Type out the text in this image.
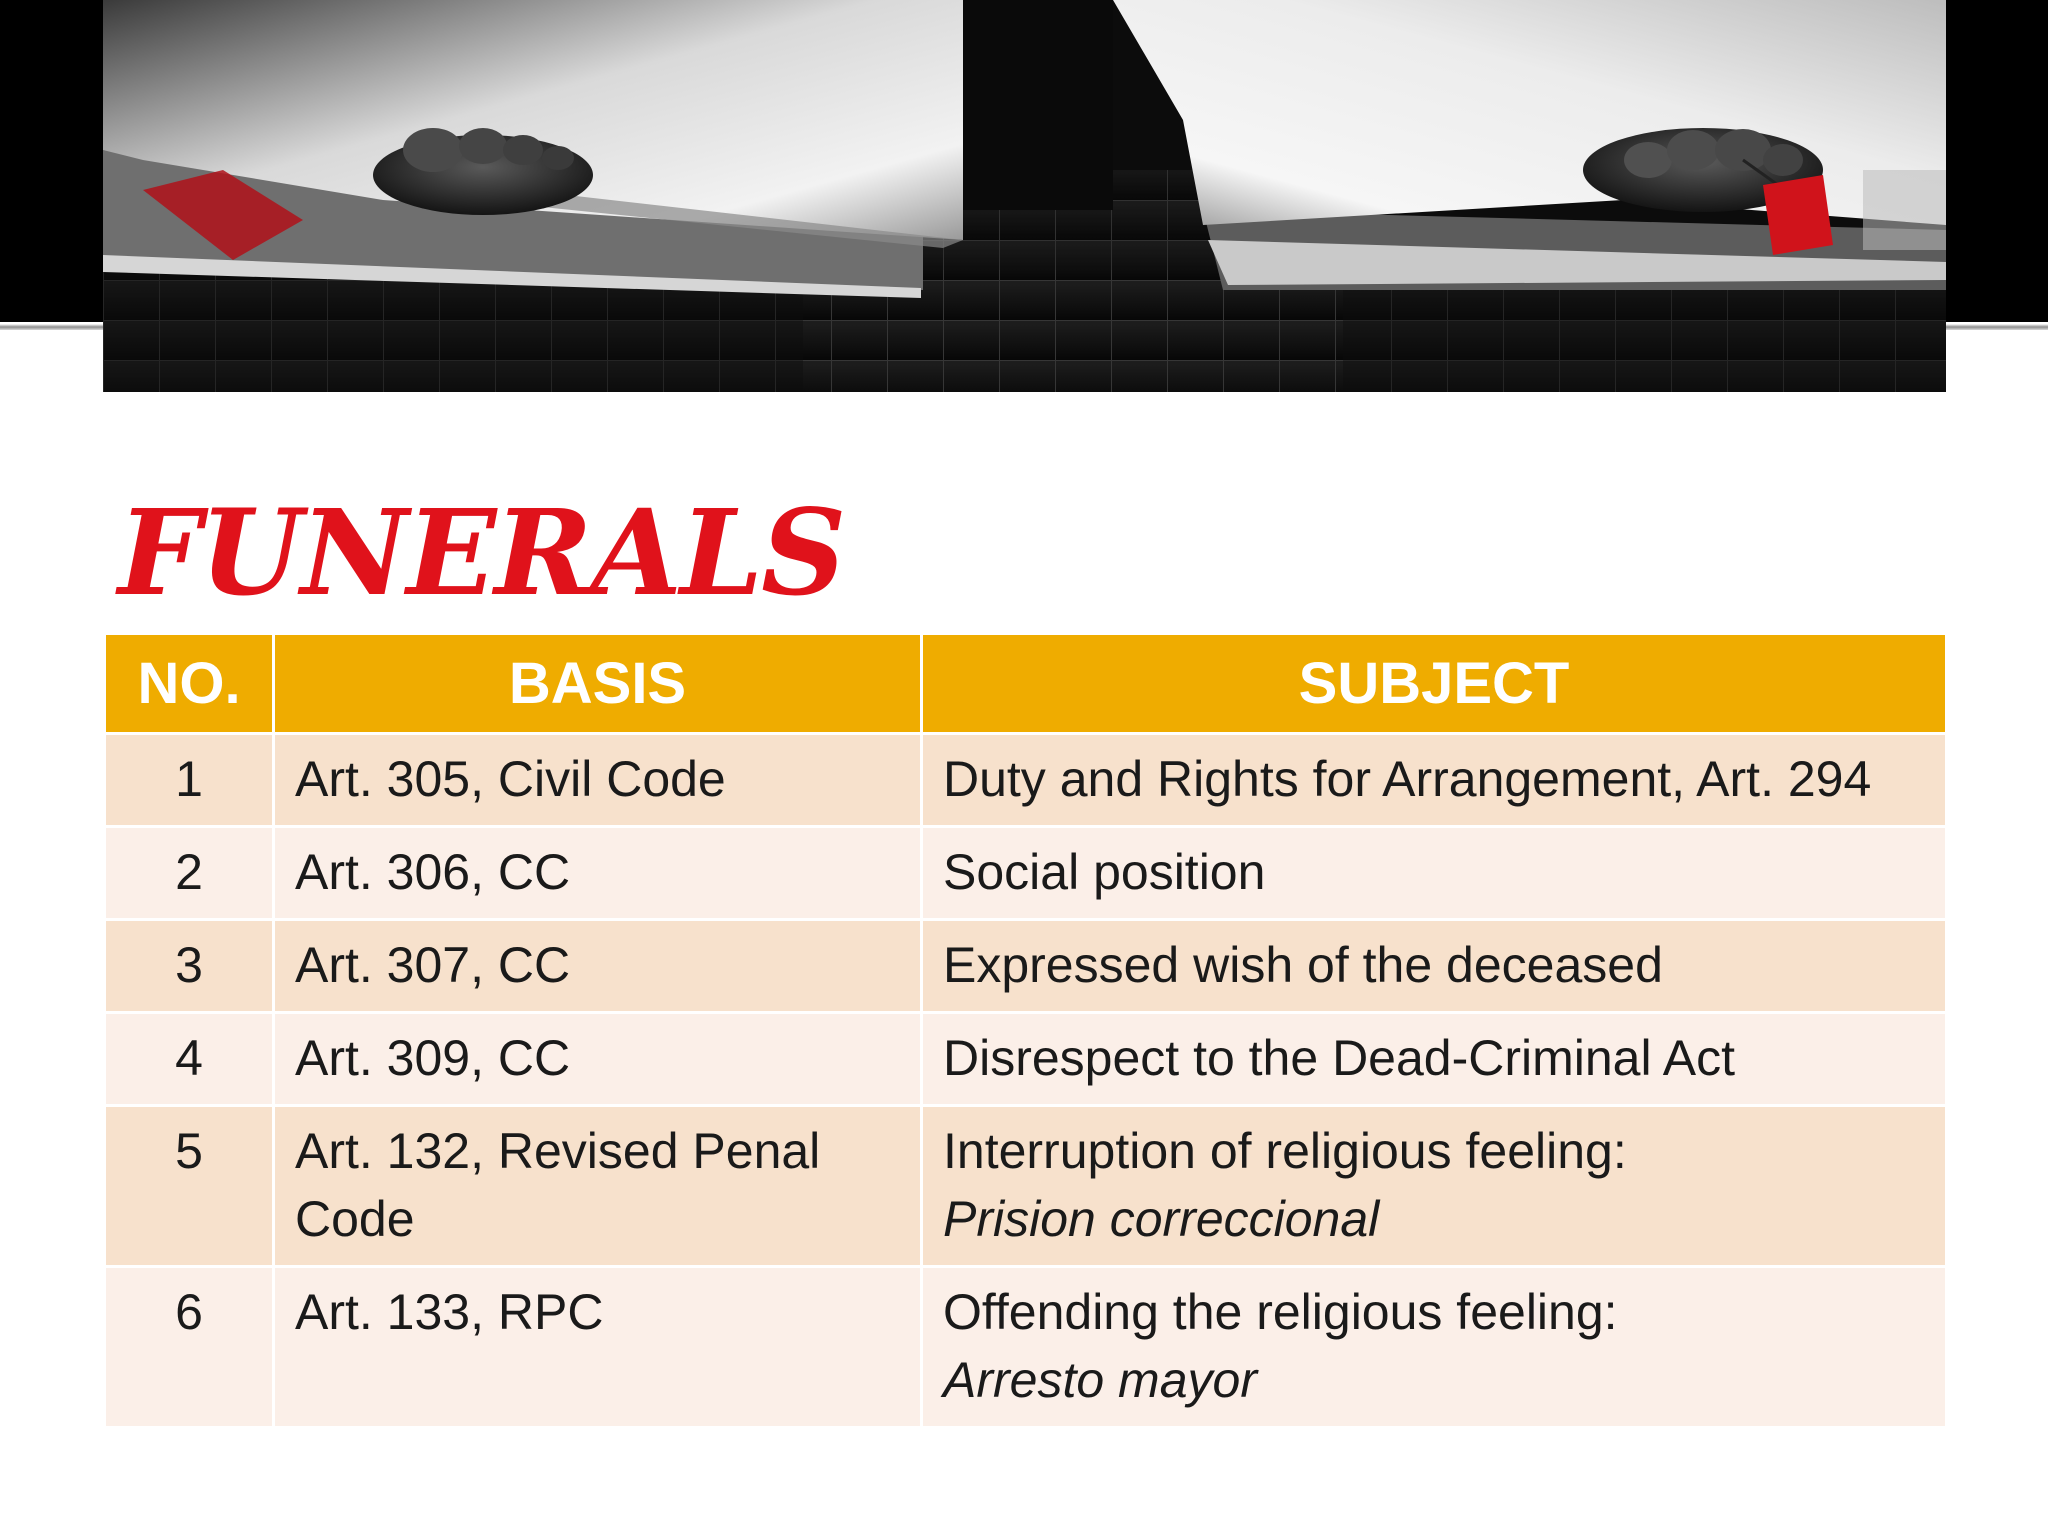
FUNERALS
NO.	BASIS	SUBJECT
1	Art. 305, Civil Code	Duty and Rights for Arrangement, Art. 294
2	Art. 306, CC	Social position
3	Art. 307, CC	Expressed wish of the deceased
4	Art. 309, CC	Disrespect to the Dead-Criminal Act
5	Art. 132, Revised Penal Code	Interruption of religious feeling:
Prision correccional

6	Art. 133, RPC	Offending the religious feeling:
Arresto mayor
